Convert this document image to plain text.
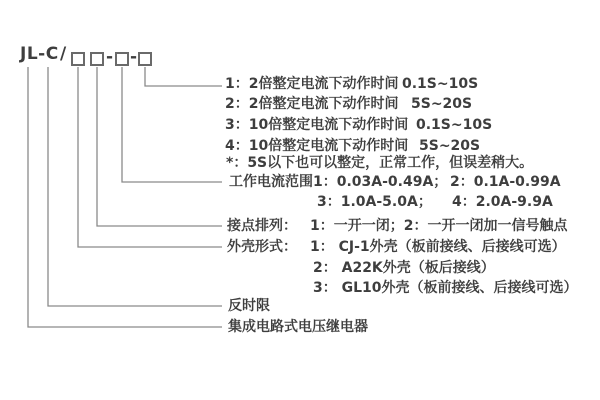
JL-C / - -
1：2倍整定电流下动作时间 0.1S~10S
2：2倍整定电流下动作时间 5S~20S
3：10倍整定电流下动作时间 0.1S~10S
4：10倍整定电流下动作时间 5S~20S
*：5S以下也可以整定，正常工作，但误差稍大。
工作电流范围 1：0.03A-0.49A； 2：0.1A-0.99A
3：1.0A-5.0A； 4：2.0A-9.9A
接点排列： 1：一开一闭；2：一开一闭加一信号触点
外壳形式： 1： CJ-1外壳（板前接线、后接线可选）
2： A22K外壳（板后接线）
3： GL10外壳（板前接线、后接线可选）
反时限
集成电路式电压继电器
